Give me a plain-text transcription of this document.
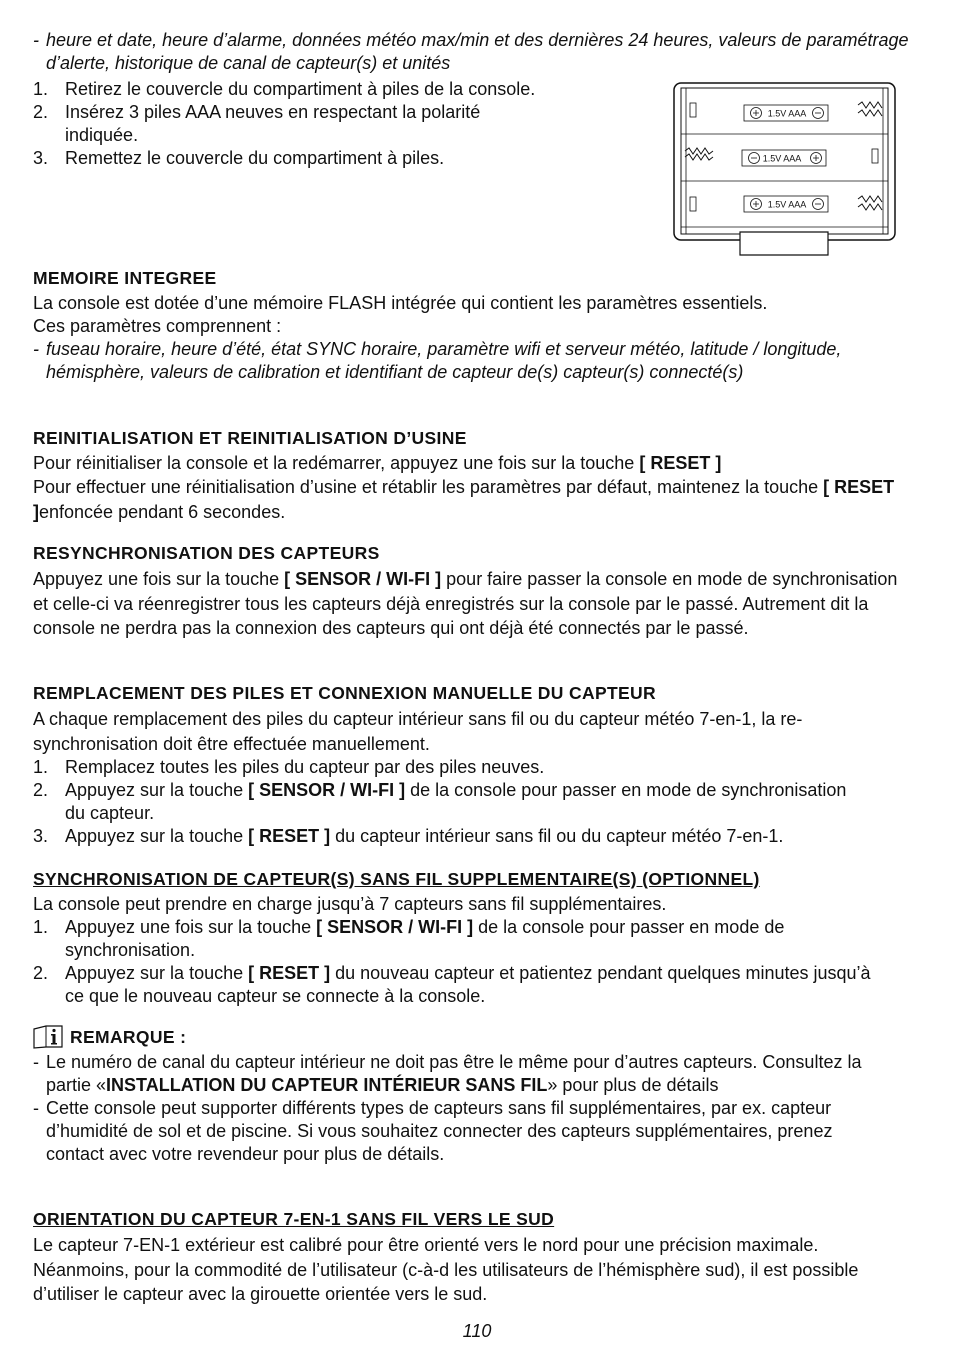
- heure et date, heure d’alarme, données météo max/min et des dernières 24 heures, valeurs de paramétrage d’alerte, historique de canal de capteur(s) et unités
1. Retirez le couvercle du compartiment à piles de la console.
2. Insérez 3 piles AAA neuves en respectant la polarité indiquée.
3. Remettez le couvercle du compartiment à piles.
1.5V AAA
1.5V AAA
1.5V AAA
MEMOIRE INTEGREE
La console est dotée d’une mémoire FLASH intégrée qui contient les paramètres essentiels.
Ces paramètres comprennent :
- fuseau horaire, heure d’été, état SYNC horaire, paramètre wifi et serveur météo, latitude / longitude, hémisphère, valeurs de calibration et identifiant de capteur de(s) capteur(s) connecté(s)
REINITIALISATION ET REINITIALISATION D’USINE
Pour réinitialiser la console et la redémarrer, appuyez une fois sur la touche [ RESET ]
Pour effectuer une réinitialisation d’usine et rétablir les paramètres par défaut, maintenez la touche [ RESET ]enfoncée pendant 6 secondes.
RESYNCHRONISATION DES CAPTEURS
Appuyez une fois sur la touche [ SENSOR / WI-FI ] pour faire passer la console en mode de synchronisation et celle-ci va réenregistrer tous les capteurs déjà enregistrés sur la console par le passé. Autrement dit la console ne perdra pas la connexion des capteurs qui ont déjà été connectés par le passé.
REMPLACEMENT DES PILES ET CONNEXION MANUELLE DU CAPTEUR
A chaque remplacement des piles du capteur intérieur sans fil ou du capteur météo 7-en-1, la re-synchronisation doit être effectuée manuellement.
1. Remplacez toutes les piles du capteur par des piles neuves.
2. Appuyez sur la touche [ SENSOR / WI-FI ] de la console pour passer en mode de synchronisation du capteur.
3. Appuyez sur la touche [ RESET ] du capteur intérieur sans fil ou du capteur météo 7-en-1.
SYNCHRONISATION DE CAPTEUR(S) SANS FIL SUPPLEMENTAIRE(S) (OPTIONNEL)
La console peut prendre en charge jusqu’à 7 capteurs sans fil supplémentaires.
1. Appuyez une fois sur la touche [ SENSOR / WI-FI ] de la console pour passer en mode de synchronisation.
2. Appuyez sur la touche [ RESET ] du nouveau capteur et patientez pendant quelques minutes jusqu’à ce que le nouveau capteur se connecte à la console.
REMARQUE :
- Le numéro de canal du capteur intérieur ne doit pas être le même pour d’autres capteurs. Consultez la partie «INSTALLATION DU CAPTEUR INTÉRIEUR SANS FIL» pour plus de détails
- Cette console peut supporter différents types de capteurs sans fil supplémentaires, par ex. capteur d’humidité de sol et de piscine. Si vous souhaitez connecter des capteurs supplémentaires, prenez contact avec votre revendeur pour plus de détails.
ORIENTATION DU CAPTEUR 7-EN-1 SANS FIL VERS LE SUD
Le capteur 7-EN-1 extérieur est calibré pour être orienté vers le nord pour une précision maximale. Néanmoins, pour la commodité de l’utilisateur (c-à-d les utilisateurs de l’hémisphère sud), il est possible d’utiliser le capteur avec la girouette orientée vers le sud.
110
